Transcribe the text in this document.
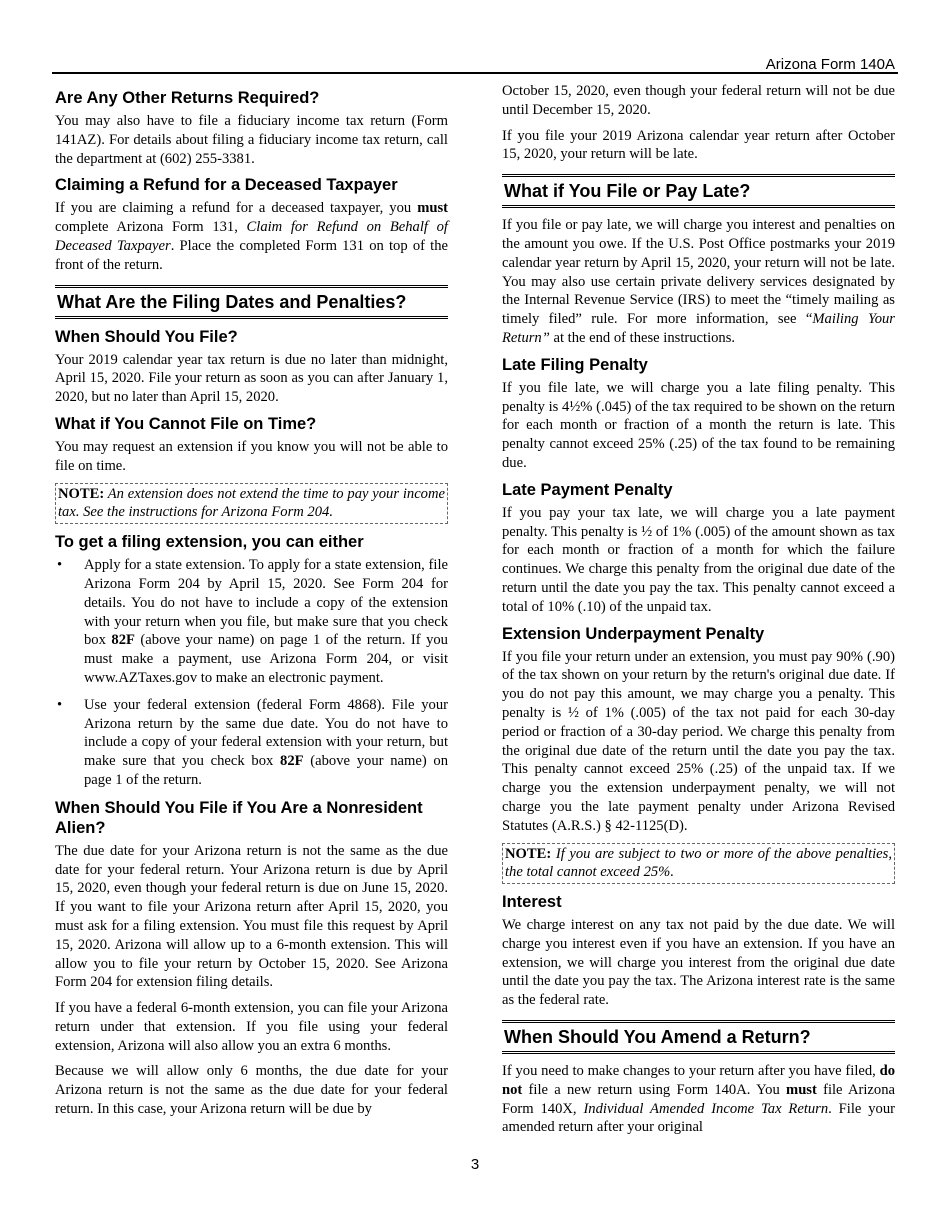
Arizona Form 140A
Are Any Other Returns Required?

You may also have to file a fiduciary income tax return (Form 141AZ). For details about filing a fiduciary income tax return, call the department at (602) 255-3381.

Claiming a Refund for a Deceased Taxpayer

If you are claiming a refund for a deceased taxpayer, you must complete Arizona Form 131, Claim for Refund on Behalf of Deceased Taxpayer. Place the completed Form 131 on top of the front of the return.

What Are the Filing Dates and Penalties?
When Should You File?

Your 2019 calendar year tax return is due no later than midnight, April 15, 2020. File your return as soon as you can after January 1, 2020, but no later than April 15, 2020.

What if You Cannot File on Time?

You may request an extension if you know you will not be able to file on time.

NOTE: An extension does not extend the time to pay your income tax. See the instructions for Arizona Form 204.
To get a filing extension, you can either
• Apply for a state extension. To apply for a state extension, file Arizona Form 204 by April 15, 2020. See Form 204 for details. You do not have to include a copy of the extension with your return when you file, but make sure that you check box 82F (above your name) on page 1 of the return. If you must make a payment, use Arizona Form 204, or visit www.AZTaxes.gov to make an electronic payment.
• Use your federal extension (federal Form 4868). File your Arizona return by the same due date. You do not have to include a copy of your federal extension with your return, but make sure that you check box 82F (above your name) on page 1 of the return.
When Should You File if You Are a Nonresident Alien?

The due date for your Arizona return is not the same as the due date for your federal return. Your Arizona return is due by April 15, 2020, even though your federal return is due on June 15, 2020. If you want to file your Arizona return after April 15, 2020, you must ask for a filing extension. You must file this request by April 15, 2020. Arizona will allow up to a 6-month extension. This will allow you to file your return by October 15, 2020. See Arizona Form 204 for extension filing details.

If you have a federal 6-month extension, you can file your Arizona return under that extension. If you file using your federal extension, Arizona will also allow you an extra 6 months.

Because we will allow only 6 months, the due date for your Arizona return is not the same as the due date for your federal return. In this case, your Arizona return will be due by

October 15, 2020, even though your federal return will not be due until December 15, 2020.

If you file your 2019 Arizona calendar year return after October 15, 2020, your return will be late.

What if You File or Pay Late?

If you file or pay late, we will charge you interest and penalties on the amount you owe. If the U.S. Post Office postmarks your 2019 calendar year return by April 15, 2020, your return will not be late. You may also use certain private delivery services designated by the Internal Revenue Service (IRS) to meet the “timely mailing as timely filed” rule. For more information, see “Mailing Your Return” at the end of these instructions.

Late Filing Penalty

If you file late, we will charge you a late filing penalty. This penalty is 4½% (.045) of the tax required to be shown on the return for each month or fraction of a month the return is late. This penalty cannot exceed 25% (.25) of the tax found to be remaining due.

Late Payment Penalty

If you pay your tax late, we will charge you a late payment penalty. This penalty is ½ of 1% (.005) of the amount shown as tax for each month or fraction of a month for which the failure continues. We charge this penalty from the original due date of the return until the date you pay the tax. This penalty cannot exceed a total of 10% (.10) of the unpaid tax.

Extension Underpayment Penalty

If you file your return under an extension, you must pay 90% (.90) of the tax shown on your return by the return's original due date. If you do not pay this amount, we may charge you a penalty. This penalty is ½ of 1% (.005) of the tax not paid for each 30-day period or fraction of a 30-day period. We charge this penalty from the original due date of the return until the date you pay the tax. This penalty cannot exceed 25% (.25) of the unpaid tax. If we charge you the extension underpayment penalty, we will not charge you the late payment penalty under Arizona Revised Statutes (A.R.S.) § 42-1125(D).

NOTE: If you are subject to two or more of the above penalties, the total cannot exceed 25%.
Interest

We charge interest on any tax not paid by the due date. We will charge you interest even if you have an extension. If you have an extension, we will charge you interest from the original due date until the date you pay the tax. The Arizona interest rate is the same as the federal rate.

When Should You Amend a Return?

If you need to make changes to your return after you have filed, do not file a new return using Form 140A. You must file Arizona Form 140X, Individual Amended Income Tax Return. File your amended return after your original

3
